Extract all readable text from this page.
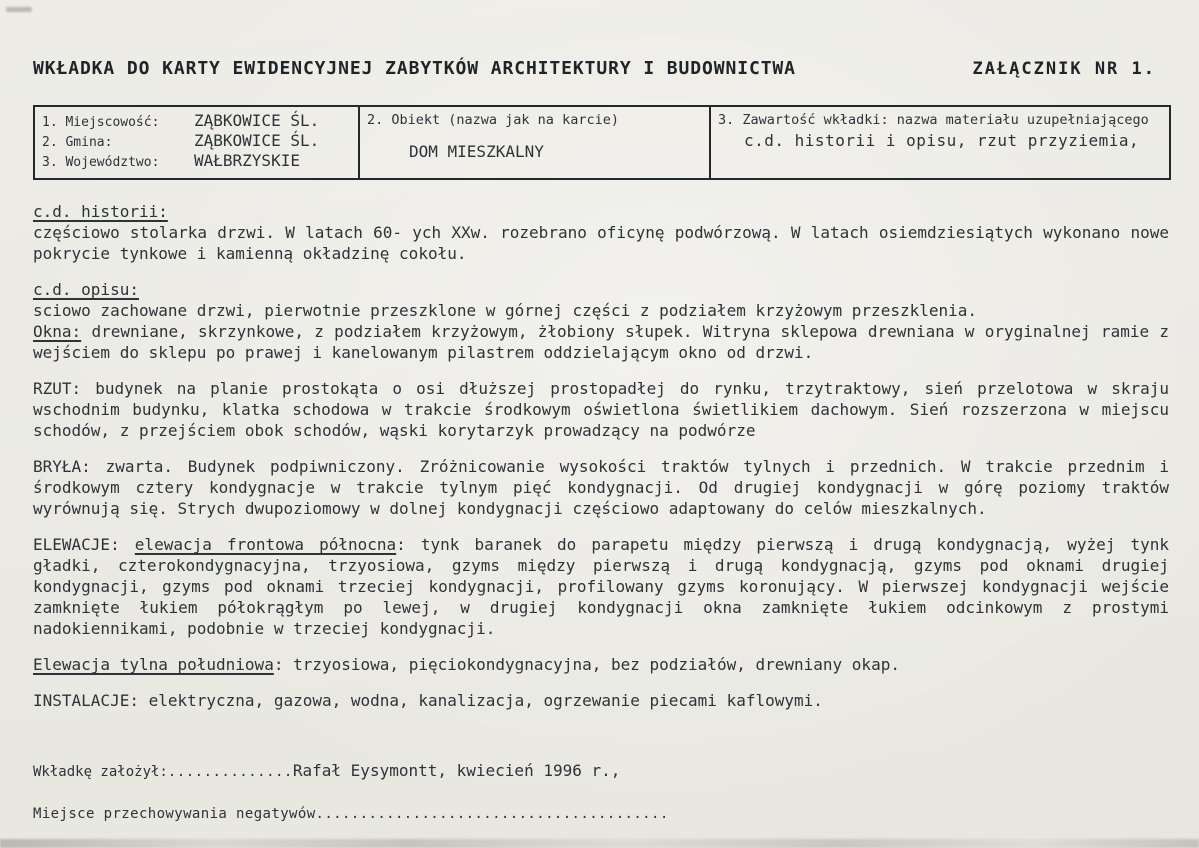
WKŁADKA DO KARTY EWIDENCYJNEJ ZABYTKÓW ARCHITEKTURY I BUDOWNICTWA	ZAŁĄCZNIK NR 1.
1. Miejscowość:	ZĄBKOWICE ŚL.
2. Gmina:	ZĄBKOWICE ŚL.
3. Województwo:	WAŁBRZYSKIE

2. Obiekt (nazwa jak na karcie)
DOM MIESZKALNY

3. Zawartość wkładki: nazwa materiału uzupełniającego
c.d. historii i opisu, rzut przyziemia,

c.d. historii:

częściowo stolarka drzwi. W latach 60- ych XXw. rozebrano oficynę podwórzową. W latach osiemdziesiątych wykonano nowe pokrycie tynkowe i kamienną okładzinę cokołu.

c.d. opisu:

sciowo zachowane drzwi, pierwotnie przeszklone w górnej części z podziałem krzyżowym przeszklenia.

Okna: drewniane, skrzynkowe, z podziałem krzyżowym, żłobiony słupek. Witryna sklepowa drewniana w oryginalnej ramie z wejściem do sklepu po prawej i kanelowanym pilastrem oddzielającym okno od drzwi.

RZUT: budynek na planie prostokąta o osi dłuższej prostopadłej do rynku, trzytraktowy, sień przelotowa w skraju wschodnim budynku, klatka schodowa w trakcie środkowym oświetlona świetlikiem dachowym. Sień rozszerzona w miejscu schodów, z przejściem obok schodów, wąski korytarzyk prowadzący na podwórze

BRYŁA: zwarta. Budynek podpiwniczony. Zróżnicowanie wysokości traktów tylnych i przednich. W trakcie przednim i środkowym cztery kondygnacje w trakcie tylnym pięć kondygnacji. Od drugiej kondygnacji w górę poziomy traktów wyrównują się. Strych dwupoziomowy w dolnej kondygnacji częściowo adaptowany do celów mieszkalnych.

ELEWACJE: elewacja frontowa północna: tynk baranek do parapetu między pierwszą i drugą kondygnacją, wyżej tynk gładki, czterokondygnacyjna, trzyosiowa, gzyms między pierwszą i drugą kondygnacją, gzyms pod oknami drugiej kondygnacji, gzyms pod oknami trzeciej kondygnacji, profilowany gzyms koronujący. W pierwszej kondygnacji wejście zamknięte łukiem półokrągłym po lewej, w drugiej kondygnacji okna zamknięte łukiem odcinkowym z prostymi nadokiennikami, podobnie w trzeciej kondygnacji.

Elewacja tylna południowa: trzyosiowa, pięciokondygnacyjna, bez podziałów, drewniany okap.

INSTALACJE: elektryczna, gazowa, wodna, kanalizacja, ogrzewanie piecami kaflowymi.

Wkładkę założył:..............Rafał Eysymontt, kwiecień 1996 r.,
Miejsce przechowywania negatywów........................................
